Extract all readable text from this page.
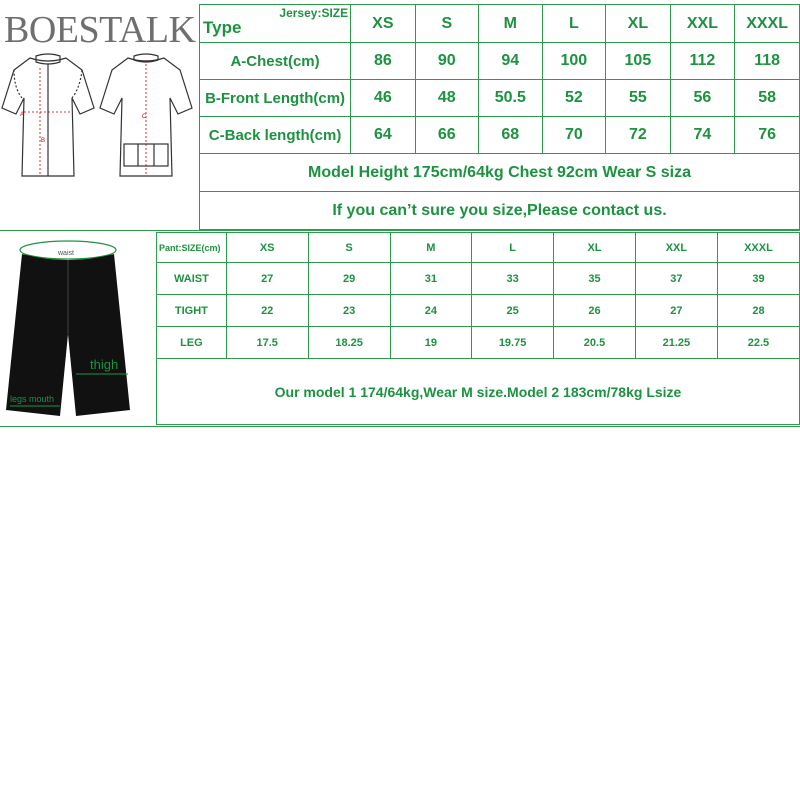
BOESTALK
A
B
C
Type
Jersey:SIZE	XS	S	M	L	XL	XXL	XXXL
A-Chest(cm)	86	90	94	100	105	112	118
B-Front Length(cm)	46	48	50.5	52	55	56	58
C-Back length(cm)	64	66	68	70	72	74	76
Model Height 175cm/64kg Chest 92cm Wear S siza							
If you can’t sure you size,Please contact us.							
waist
thigh
legs mouth
Pant:SIZE(cm)	XS	S	M	L	XL	XXL	XXXL
WAIST	27	29	31	33	35	37	39
TIGHT	22	23	24	25	26	27	28
LEG	17.5	18.25	19	19.75	20.5	21.25	22.5
Our model 1 174/64kg,Wear M size.Model 2 183cm/78kg Lsize							
